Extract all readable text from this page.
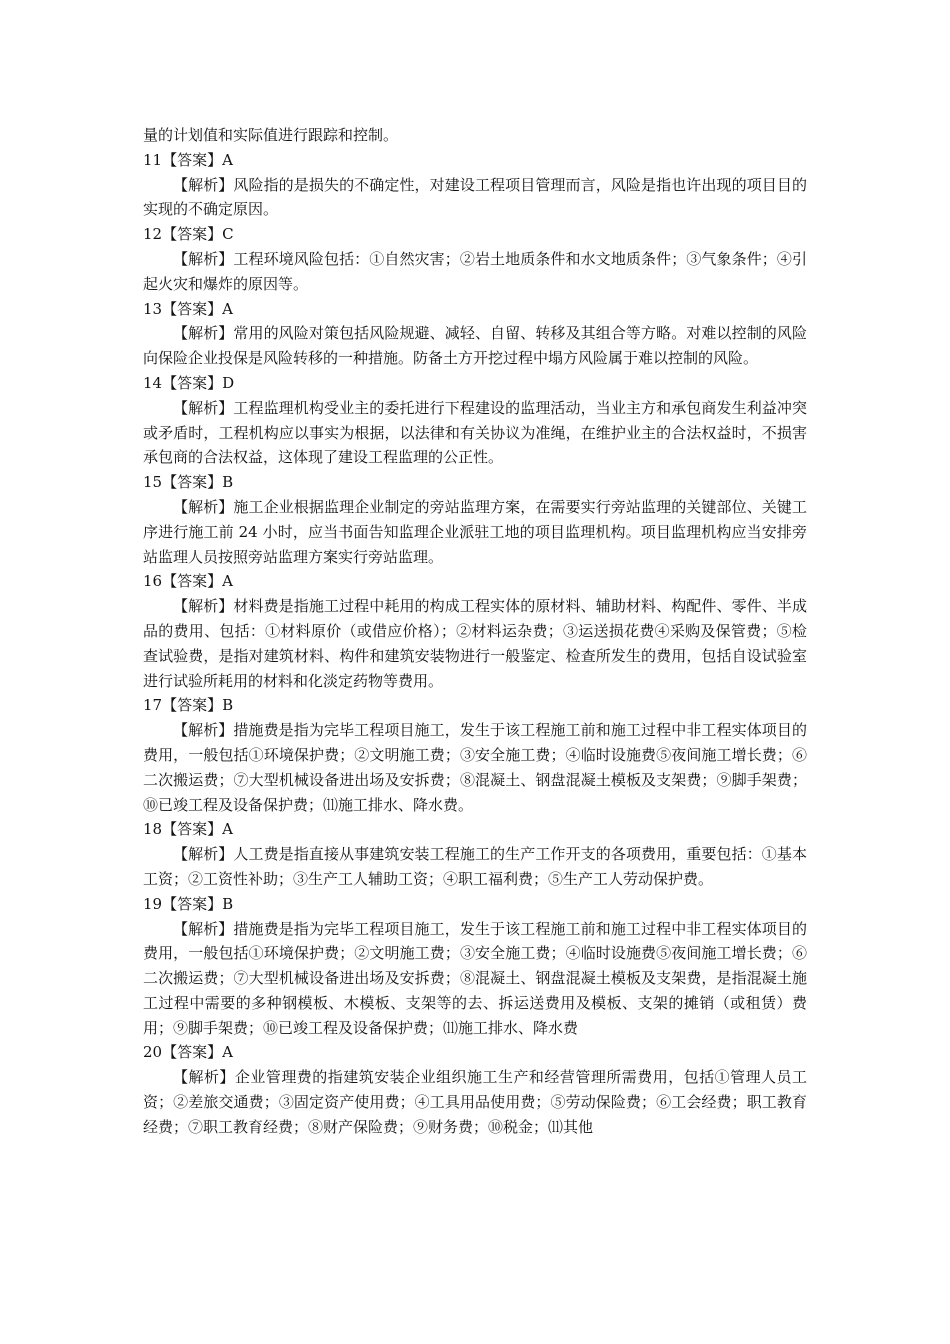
量的计划值和实际值进行跟踪和控制。

11【答案】A

【解析】风险指的是损失的不确定性，对建设工程项目管理而言，风险是指也许出现的项目目的实现的不确定原因。

12【答案】C

【解析】工程环境风险包括：①自然灾害；②岩土地质条件和水文地质条件；③气象条件；④引起火灾和爆炸的原因等。

13【答案】A

【解析】常用的风险对策包括风险规避、减轻、自留、转移及其组合等方略。对难以控制的风险向保险企业投保是风险转移的一种措施。防备土方开挖过程中塌方风险属于难以控制的风险。

14【答案】D

【解析】工程监理机构受业主的委托进行下程建设的监理活动，当业主方和承包商发生利益冲突或矛盾时，工程机构应以事实为根据，以法律和有关协议为准绳，在维护业主的合法权益时，不损害承包商的合法权益，这体现了建设工程监理的公正性。

15【答案】B

【解析】施工企业根据监理企业制定的旁站监理方案，在需要实行旁站监理的关键部位、关键工序进行施工前 24 小时，应当书面告知监理企业派驻工地的项目监理机构。项目监理机构应当安排旁站监理人员按照旁站监理方案实行旁站监理。

16【答案】A

【解析】材料费是指施工过程中耗用的构成工程实体的原材料、辅助材料、构配件、零件、半成品的费用、包括：①材料原价（或借应价格）；②材料运杂费；③运送损花费④采购及保管费；⑤检查试验费，是指对建筑材料、构件和建筑安装物进行一般鉴定、检查所发生的费用，包括自设试验室进行试验所耗用的材料和化淡定药物等费用。

17【答案】B

【解析】措施费是指为完毕工程项目施工，发生于该工程施工前和施工过程中非工程实体项目的费用，一般包括①环境保护费；②文明施工费；③安全施工费；④临时设施费⑤夜间施工增长费；⑥二次搬运费；⑦大型机械设备进出场及安拆费；⑧混凝土、钢盘混凝土模板及支架费；⑨脚手架费；⑩已竣工程及设备保护费；⑾施工排水、降水费。

18【答案】A

【解析】人工费是指直接从事建筑安装工程施工的生产工作开支的各项费用，重要包括：①基本工资；②工资性补助；③生产工人辅助工资；④职工福利费；⑤生产工人劳动保护费。

19【答案】B

【解析】措施费是指为完毕工程项目施工，发生于该工程施工前和施工过程中非工程实体项目的费用，一般包括①环境保护费；②文明施工费；③安全施工费；④临时设施费⑤夜间施工增长费；⑥二次搬运费；⑦大型机械设备进出场及安拆费；⑧混凝土、钢盘混凝土模板及支架费，是指混凝土施工过程中需要的多种钢模板、木模板、支架等的去、拆运送费用及模板、支架的摊销（或租赁）费用；⑨脚手架费；⑩已竣工程及设备保护费；⑾施工排水、降水费

20【答案】A

【解析】企业管理费的指建筑安装企业组织施工生产和经营管理所需费用，包括①管理人员工资；②差旅交通费；③固定资产使用费；④工具用品使用费；⑤劳动保险费；⑥工会经费；职工教育经费；⑦职工教育经费；⑧财产保险费；⑨财务费；⑩税金；⑾其他
